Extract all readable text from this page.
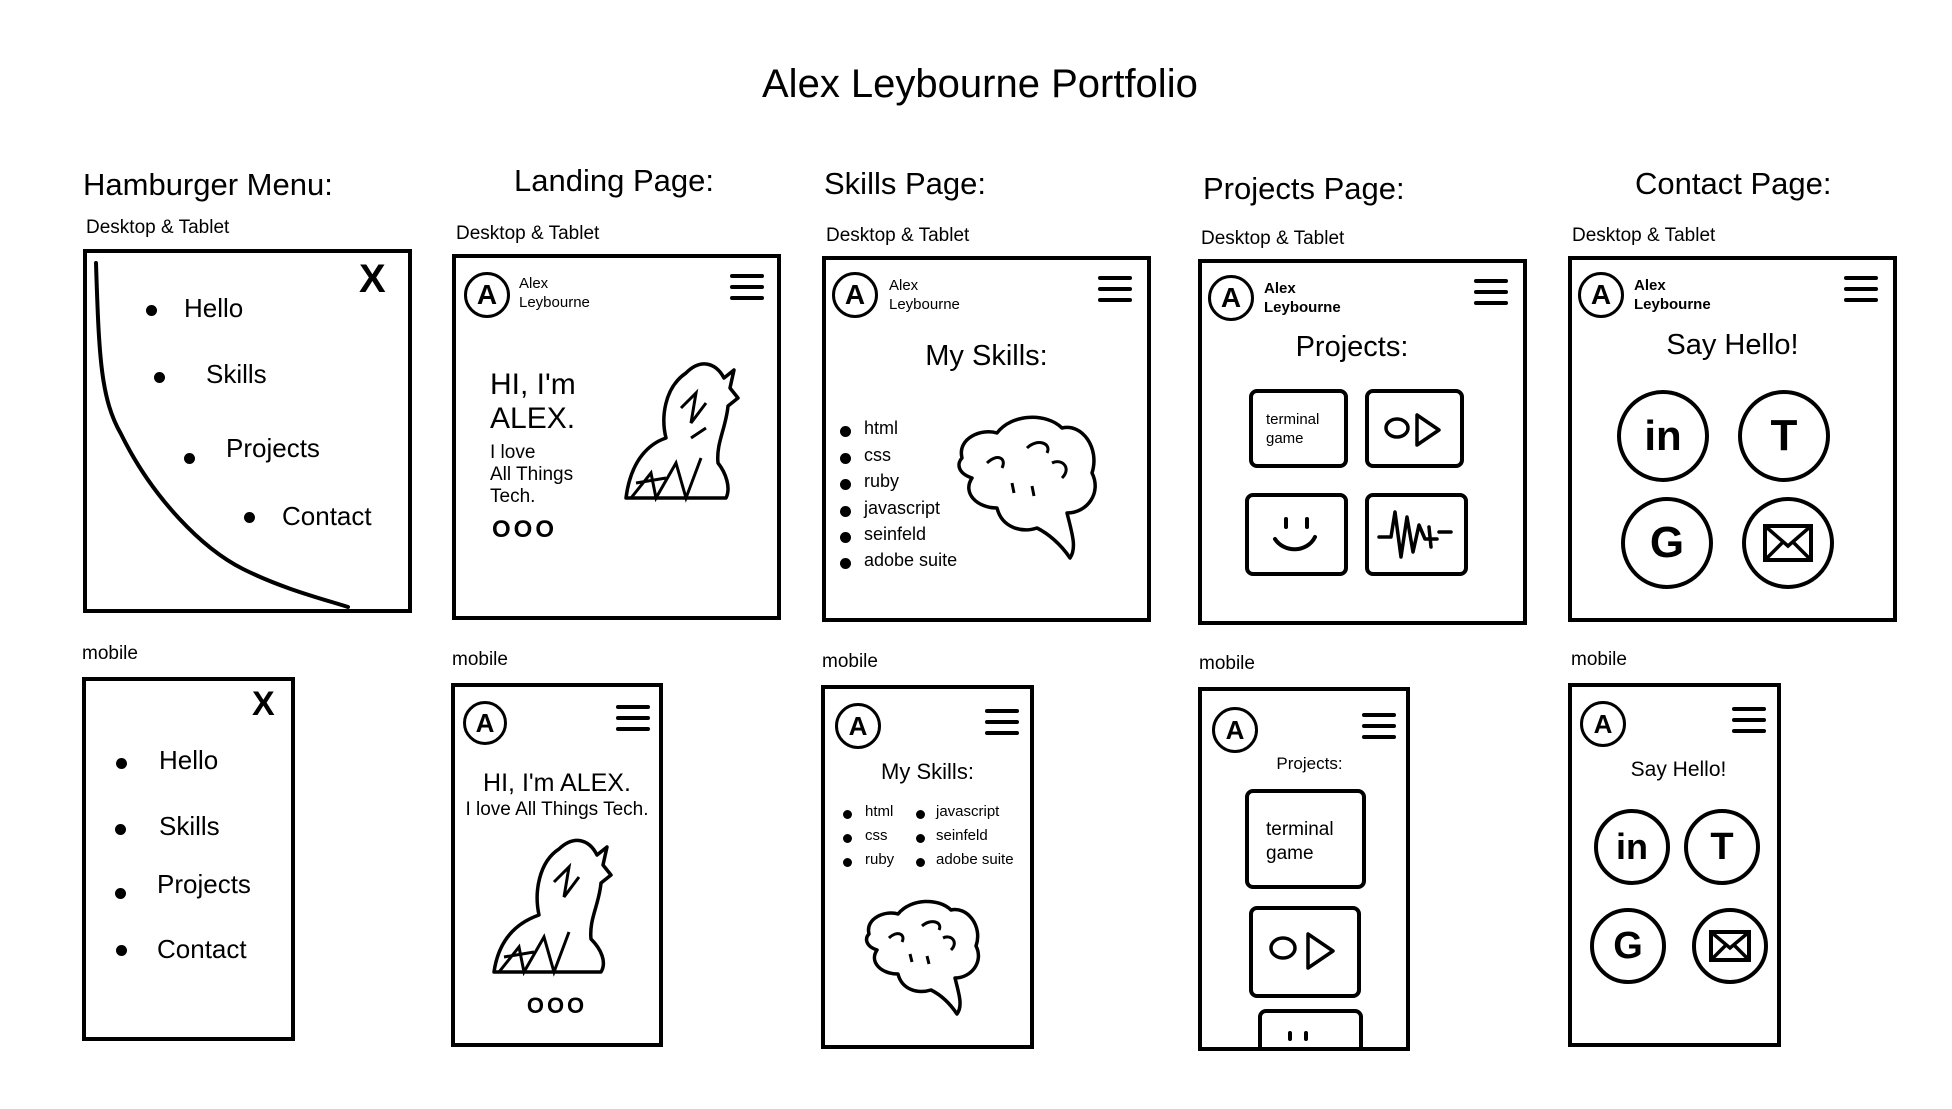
Alex Leybourne Portfolio
Hamburger Menu:	Landing Page:	Skills Page:	Projects Page:	Contact Page:
Desktop & Tablet	Desktop & Tablet	Desktop & Tablet	Desktop & Tablet	Desktop & Tablet
mobile	mobile	mobile	mobile	mobile
X
Hello
Skills
Projects
Contact
X
Hello
Skills
Projects
Contact
A	Alex
Leybourne
HI, I'm
ALEX.
I love
All Things
Tech.
OOO
A
HI, I'm ALEX.
I love All Things Tech.
OOO
A	Alex
Leybourne
My Skills:
html
css
ruby
javascript
seinfeld
adobe suite
A
My Skills:
html
css
ruby
javascript
seinfeld
adobe suite
A	Alex
Leybourne
Projects:
terminal
game
A
Projects:
terminal
game
A	Alex
Leybourne
Say Hello!
in	T
G
A
Say Hello!
in	T
G
